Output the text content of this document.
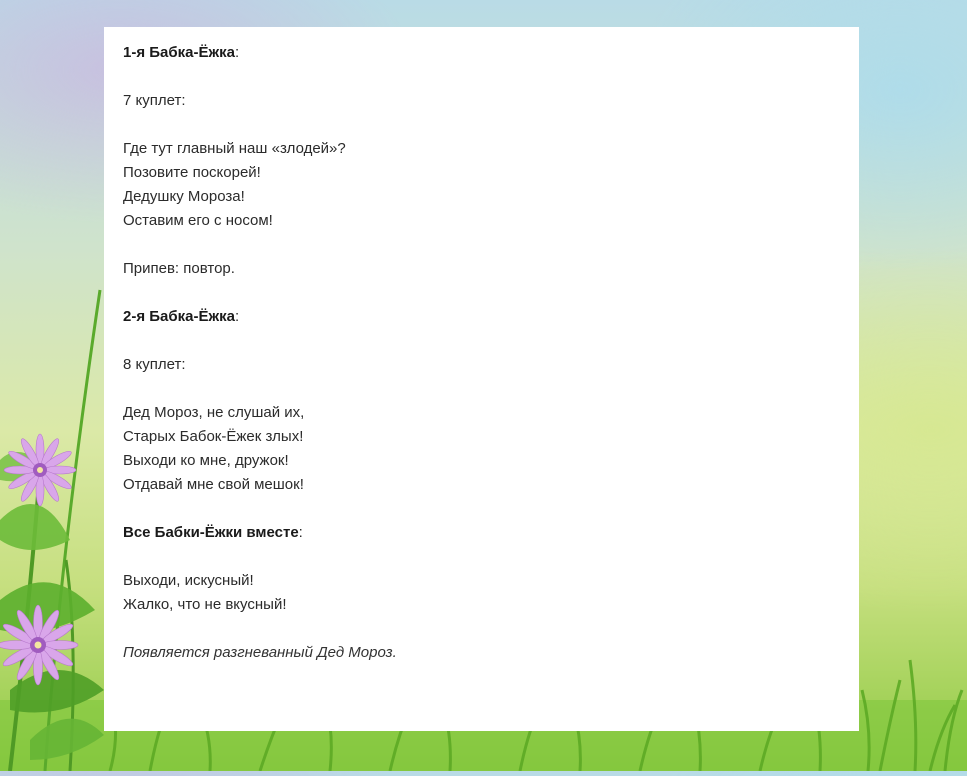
1-я Бабка-Ёжка:
7 куплет:
Где тут главный наш «злодей»?
Позовите поскорей!
Дедушку Мороза!
Оставим его с носом!
Припев: повтор.
2-я Бабка-Ёжка:
8 куплет:
Дед Мороз, не слушай их,
Старых Бабок-Ёжек злых!
Выходи ко мне, дружок!
Отдавай мне свой мешок!
Все Бабки-Ёжки вместе:
Выходи, искусный!
Жалко, что не вкусный!
Появляется разгневанный Дед Мороз.
